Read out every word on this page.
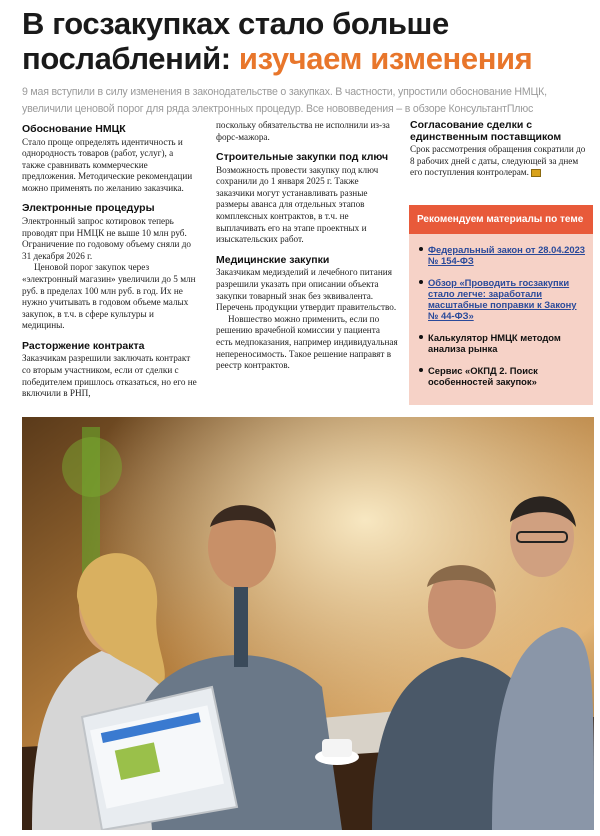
В госзакупках стало больше послаблений: изучаем изменения
9 мая вступили в силу изменения в законодательстве о закупках. В частности, упростили обоснование НМЦК, увеличили ценовой порог для ряда электронных процедур. Все нововведения – в обзоре КонсультантПлюс
Обоснование НМЦК

Стало проще определять идентичность и однородность товаров (работ, услуг), а также сравнивать коммерческие предложения. Методические рекомендации можно применять по желанию заказчика.

Электронные процедуры

Электронный запрос котировок теперь проводят при НМЦК не выше 10 млн руб. Ограничение по годовому объему сняли до 31 декабря 2026 г.

Ценовой порог закупок через «электронный магазин» увеличили до 5 млн руб. в пределах 100 млн руб. в год. Их не нужно учитывать в годовом объеме малых закупок, в т.ч. в сфере культуры и медицины.

Расторжение контракта

Заказчикам разрешили заключать контракт со вторым участником, если от сделки с победителем пришлось отказаться, но его не включили в РНП,

поскольку обязательства не исполнили из-за форс-мажора.

Строительные закупки под ключ

Возможность провести закупку под ключ сохранили до 1 января 2025 г. Также заказчики могут устанавливать разные размеры аванса для отдельных этапов комплексных контрактов, в т.ч. не выплачивать его на этапе проектных и изыскательских работ.

Медицинские закупки

Заказчикам медизделий и лечебного питания разрешили указать при описании объекта закупки товарный знак без эквивалента. Перечень продукции утвердит правительство.

Новшество можно применить, если по решению врачебной комиссии у пациента есть медпоказания, например индивидуальная непереносимость. Такое решение направят в реестр контрактов.

Согласование сделки с единственным поставщиком

Срок рассмотрения обращения сократили до 8 рабочих дней с даты, следующей за днем его поступления контролерам.

Рекомендуем материалы по теме
Федеральный закон от 28.04.2023 № 154-ФЗ
Обзор «Проводить госзакупки стало легче: заработали масштабные поправки к Закону № 44-ФЗ»
Калькулятор НМЦК методом анализа рынка
Сервис «ОКПД 2. Поиск особенностей закупок»
